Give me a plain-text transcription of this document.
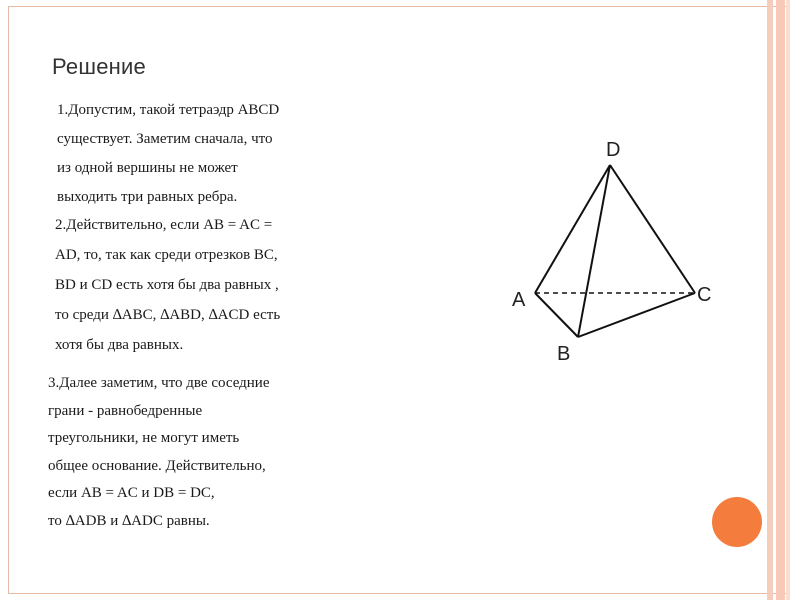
Решение

1.Допустим, такой тетраэдр ABCD
существует. Заметим сначала, что
из одной вершины не может
выходить три равных ребра.

2.Действительно, если AB = AC =
AD, то, так как среди отрезков BC,
BD и CD есть хотя бы два равных ,
то среди ∆ABC, ∆ABD, ∆ACD есть
хотя бы два равных.

3.Далее заметим, что две соседние
грани - равнобедренные
треугольники, не могут иметь
общее основание. Действительно,
если AB = AC и DB = DC,
то ∆ADB и ∆ADC равны.

D
A	C
B
